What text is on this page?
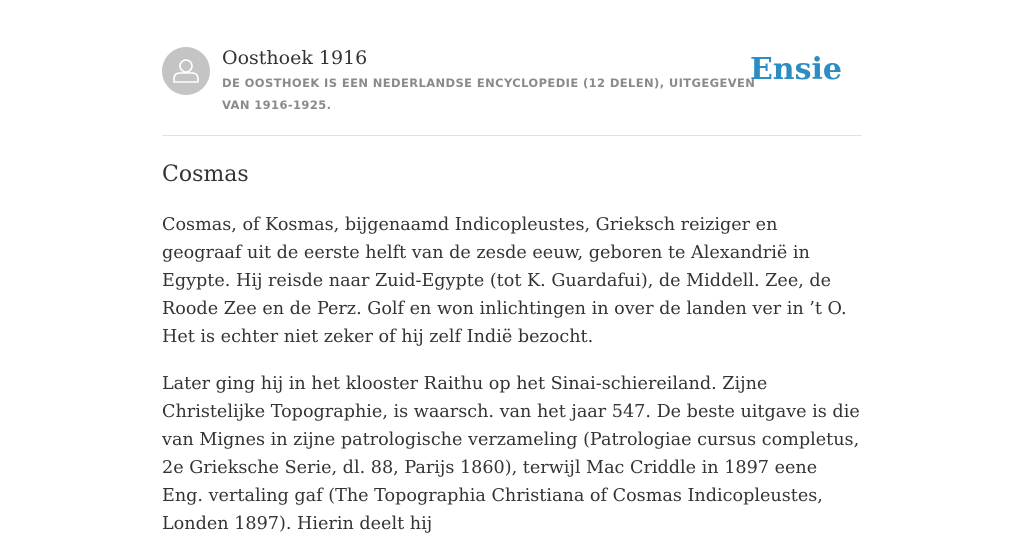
Oosthoek 1916
DE OOSTHOEK IS EEN NEDERLANDSE ENCYCLOPEDIE (12 DELEN), UITGEGEVEN VAN 1916-1925.
Ensie
Cosmas

Cosmas, of Kosmas, bijgenaamd Indicopleustes, Grieksch reiziger en geograaf uit de eerste helft van de zesde eeuw, geboren te Alexandrië in Egypte. Hij reisde naar Zuid-Egypte (tot K. Guardafui), de Middell. Zee, de Roode Zee en de Perz. Golf en won inlichtingen in over de landen ver in ’t O. Het is echter niet zeker of hij zelf Indië bezocht.

Later ging hij in het klooster Raithu op het Sinai-schiereiland. Zijne Christelijke Topographie, is waarsch. van het jaar 547. De beste uitgave is die van Mignes in zijne patrologische verzameling (Patrologiae cursus completus, 2e Grieksche Serie, dl. 88, Parijs 1860), terwijl Mac Criddle in 1897 eene Eng. vertaling gaf (The Topographia Christiana of Cosmas Indicopleustes, Londen 1897). Hierin deelt hij
